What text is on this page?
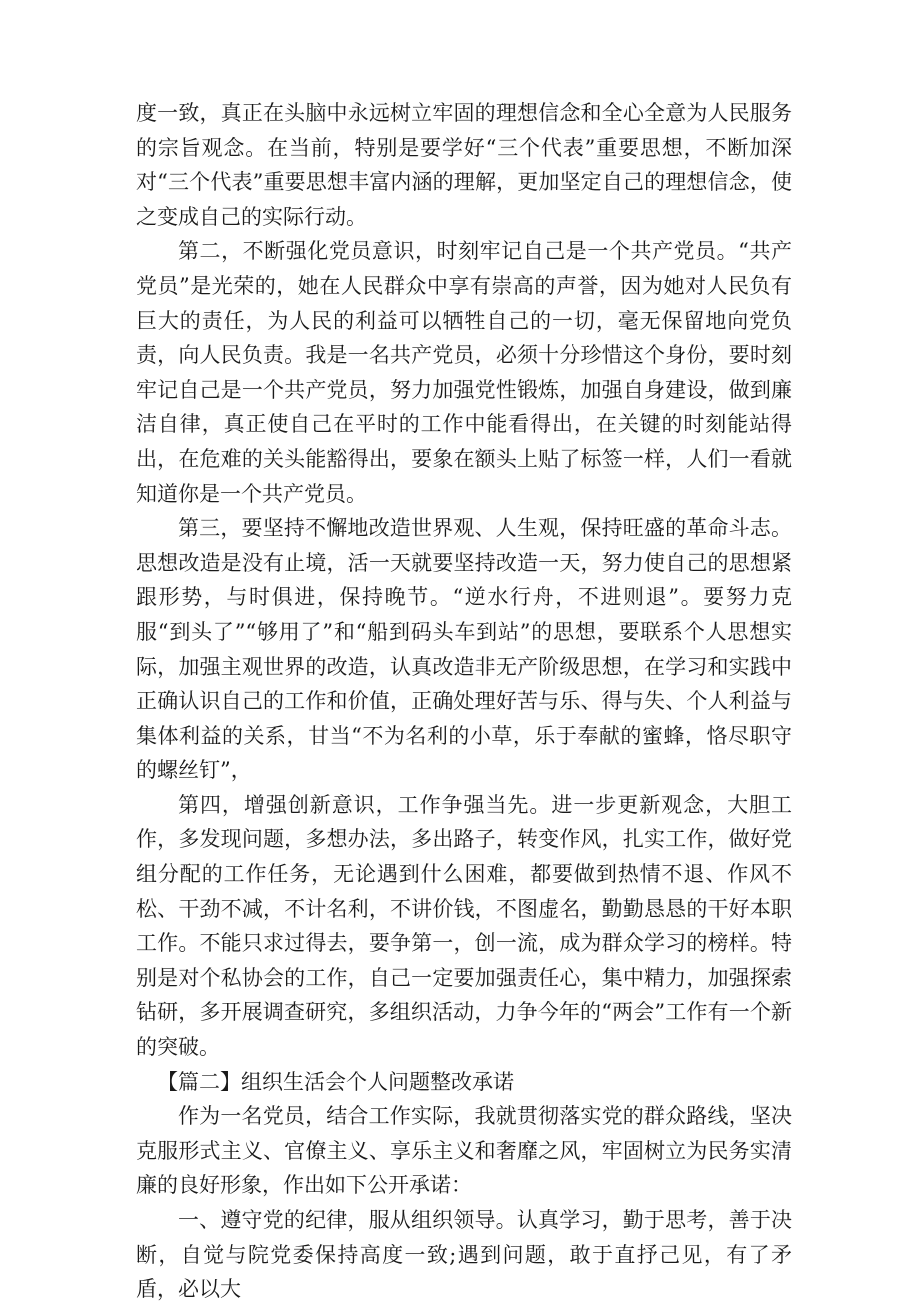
度一致，真正在头脑中永远树立牢固的理想信念和全心全意为人民服务的宗旨观念。在当前，特别是要学好“三个代表”重要思想，不断加深对“三个代表”重要思想丰富内涵的理解，更加坚定自己的理想信念，使之变成自己的实际行动。

第二，不断强化党员意识，时刻牢记自己是一个共产党员。“共产党员”是光荣的，她在人民群众中享有崇高的声誉，因为她对人民负有巨大的责任，为人民的利益可以牺牲自己的一切，毫无保留地向党负责，向人民负责。我是一名共产党员，必须十分珍惜这个身份，要时刻牢记自己是一个共产党员，努力加强党性锻炼，加强自身建设，做到廉洁自律，真正使自己在平时的工作中能看得出，在关键的时刻能站得出，在危难的关头能豁得出，要象在额头上贴了标签一样，人们一看就知道你是一个共产党员。

第三，要坚持不懈地改造世界观、人生观，保持旺盛的革命斗志。思想改造是没有止境，活一天就要坚持改造一天，努力使自己的思想紧跟形势，与时俱进，保持晚节。“逆水行舟，不进则退”。要努力克服“到头了”“够用了”和“船到码头车到站”的思想，要联系个人思想实际，加强主观世界的改造，认真改造非无产阶级思想，在学习和实践中正确认识自己的工作和价值，正确处理好苦与乐、得与失、个人利益与集体利益的关系，甘当“不为名利的小草，乐于奉献的蜜蜂，恪尽职守的螺丝钉”，

第四，增强创新意识，工作争强当先。进一步更新观念，大胆工作，多发现问题，多想办法，多出路子，转变作风，扎实工作，做好党组分配的工作任务，无论遇到什么困难，都要做到热情不退、作风不松、干劲不减，不计名利，不讲价钱，不图虚名，勤勤恳恳的干好本职工作。不能只求过得去，要争第一，创一流，成为群众学习的榜样。特别是对个私协会的工作，自己一定要加强责任心，集中精力，加强探索钻研，多开展调查研究，多组织活动，力争今年的“两会”工作有一个新的突破。

【篇二】组织生活会个人问题整改承诺

作为一名党员，结合工作实际，我就贯彻落实党的群众路线，坚决克服形式主义、官僚主义、享乐主义和奢靡之风，牢固树立为民务实清廉的良好形象，作出如下公开承诺：

一、遵守党的纪律，服从组织领导。认真学习，勤于思考，善于决断，自觉与院党委保持高度一致;遇到问题，敢于直抒己见，有了矛盾，必以大
